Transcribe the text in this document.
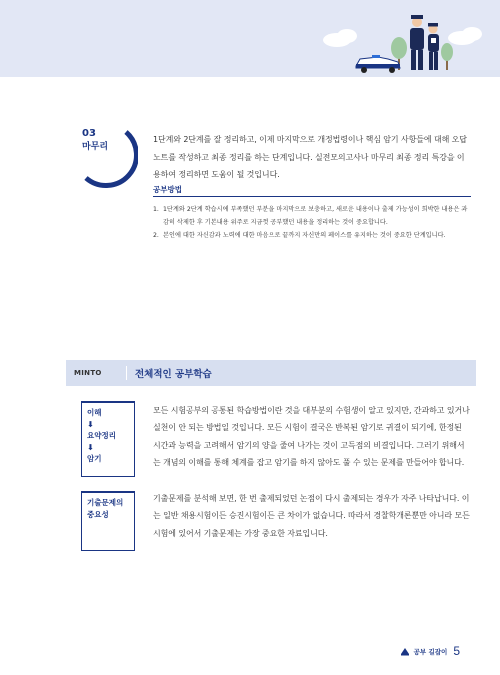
03
마무리
1단계와 2단계를 잘 정리하고, 이제 마지막으로 개정법령이나 핵심 암기 사항들에 대해 오답노트를 작성하고 최종 정리를 하는 단계입니다. 실전모의고사나 마무리 최종 정리 특강을 이용하여 정리하면 도움이 될 것입니다.
공부방법
1. 1단계와 2단계 학습시에 부족했던 부분을 마지막으로 보충하고, 새로운 내용이나 출제 가능성이 희박한 내용은 과감히 삭제한 후 기본내용 위주로 지금껏 공부했던 내용을 정리하는 것이 중요합니다.
2. 본인에 대한 자신감과 노력에 대한 마음으로 끝까지 자신만의 페이스를 유지하는 것이 중요한 단계입니다.
MINTO	전체적인 공부학습
이해
⬇
요약정리
⬇
암기
모든 시험공부의 공통된 학습방법이란 것을 대부분의 수험생이 알고 있지만, 간과하고 있거나 실천이 안 되는 방법일 것입니다. 모든 시험이 결국은 반복된 암기로 귀결이 되기에, 한정된 시간과 능력을 고려해서 암기의 양을 줄여 나가는 것이 고득점의 비결입니다. 그러기 위해서는 개념의 이해를 통해 체계를 잡고 암기를 하지 않아도 풀 수 있는 문제를 만들어야 합니다.
기출문제의
중요성
기출문제를 분석해 보면, 한 번 출제되었던 논점이 다시 출제되는 경우가 자주 나타납니다. 이는 일반 채용시험이든 승진시험이든 큰 차이가 없습니다. 따라서 경찰학개론뿐만 아니라 모든 시험에 있어서 기출문제는 가장 중요한 자료입니다.
공부 길잡이 5
